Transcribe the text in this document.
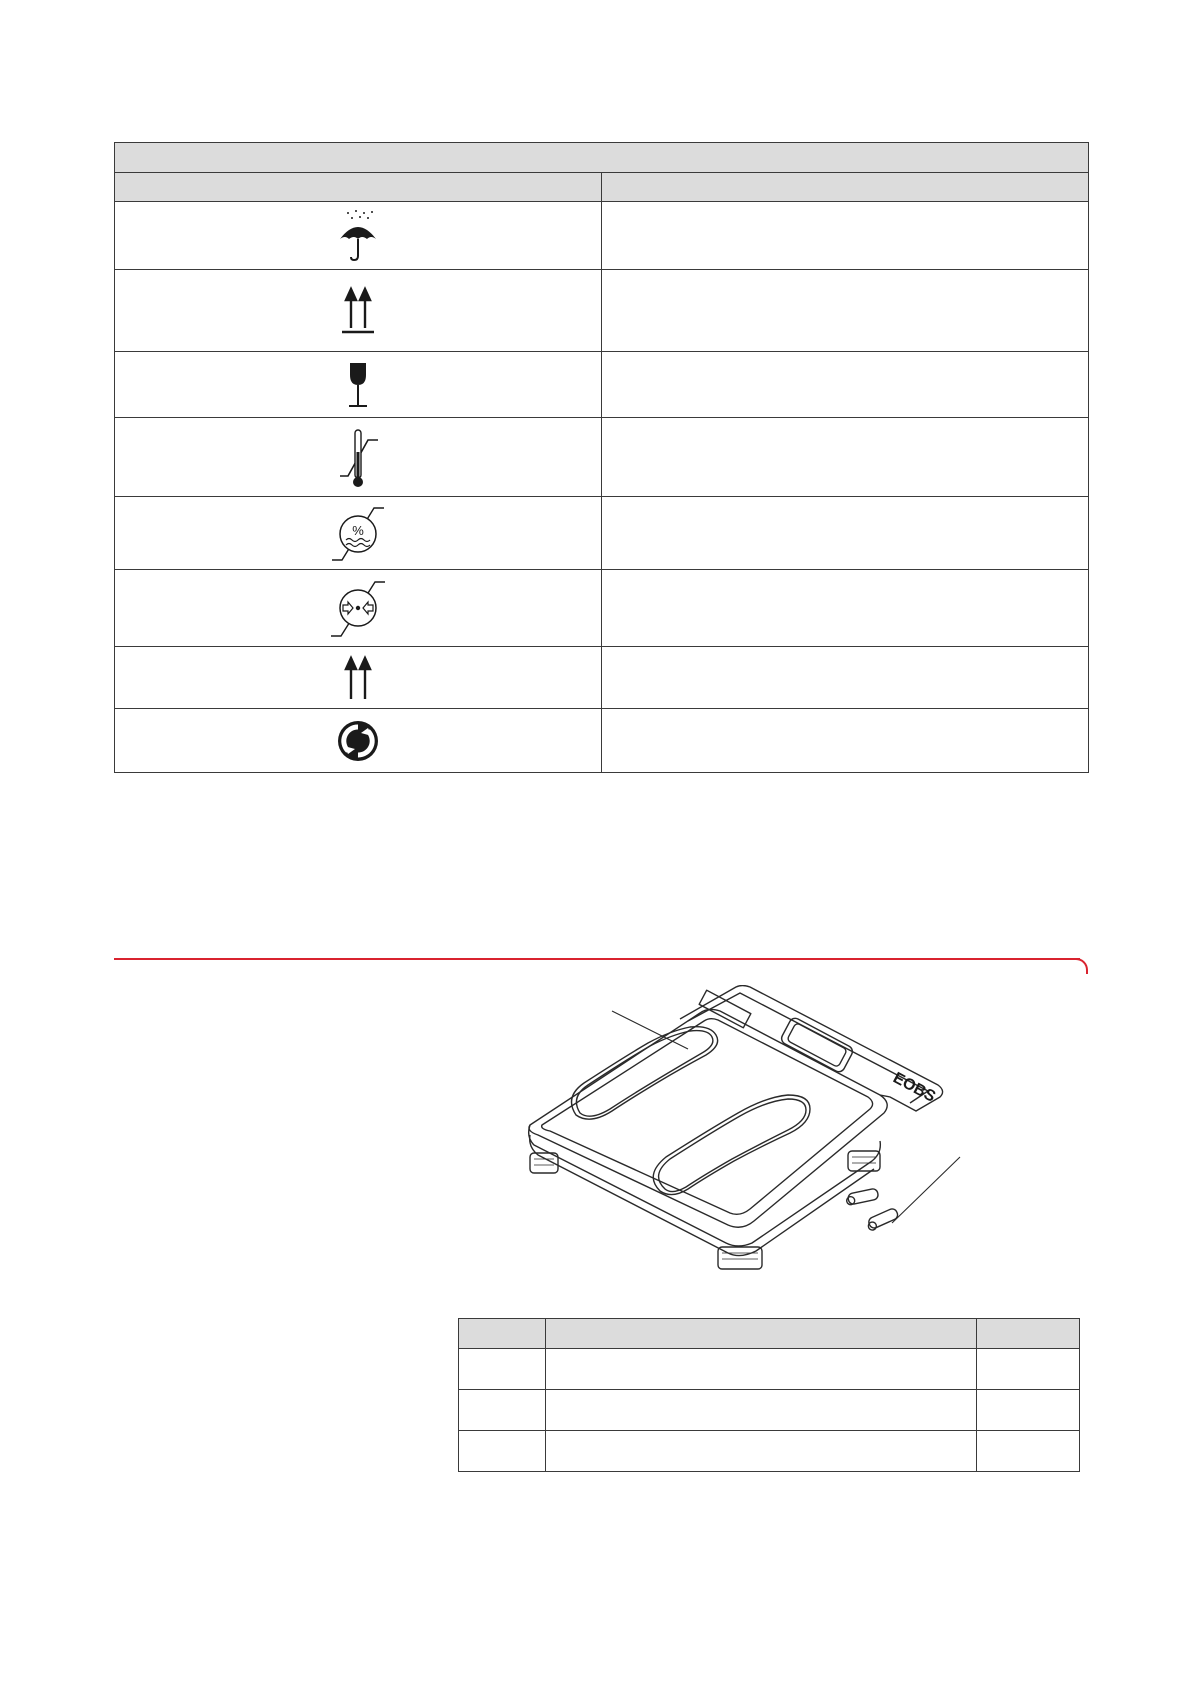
%	

EOBS
